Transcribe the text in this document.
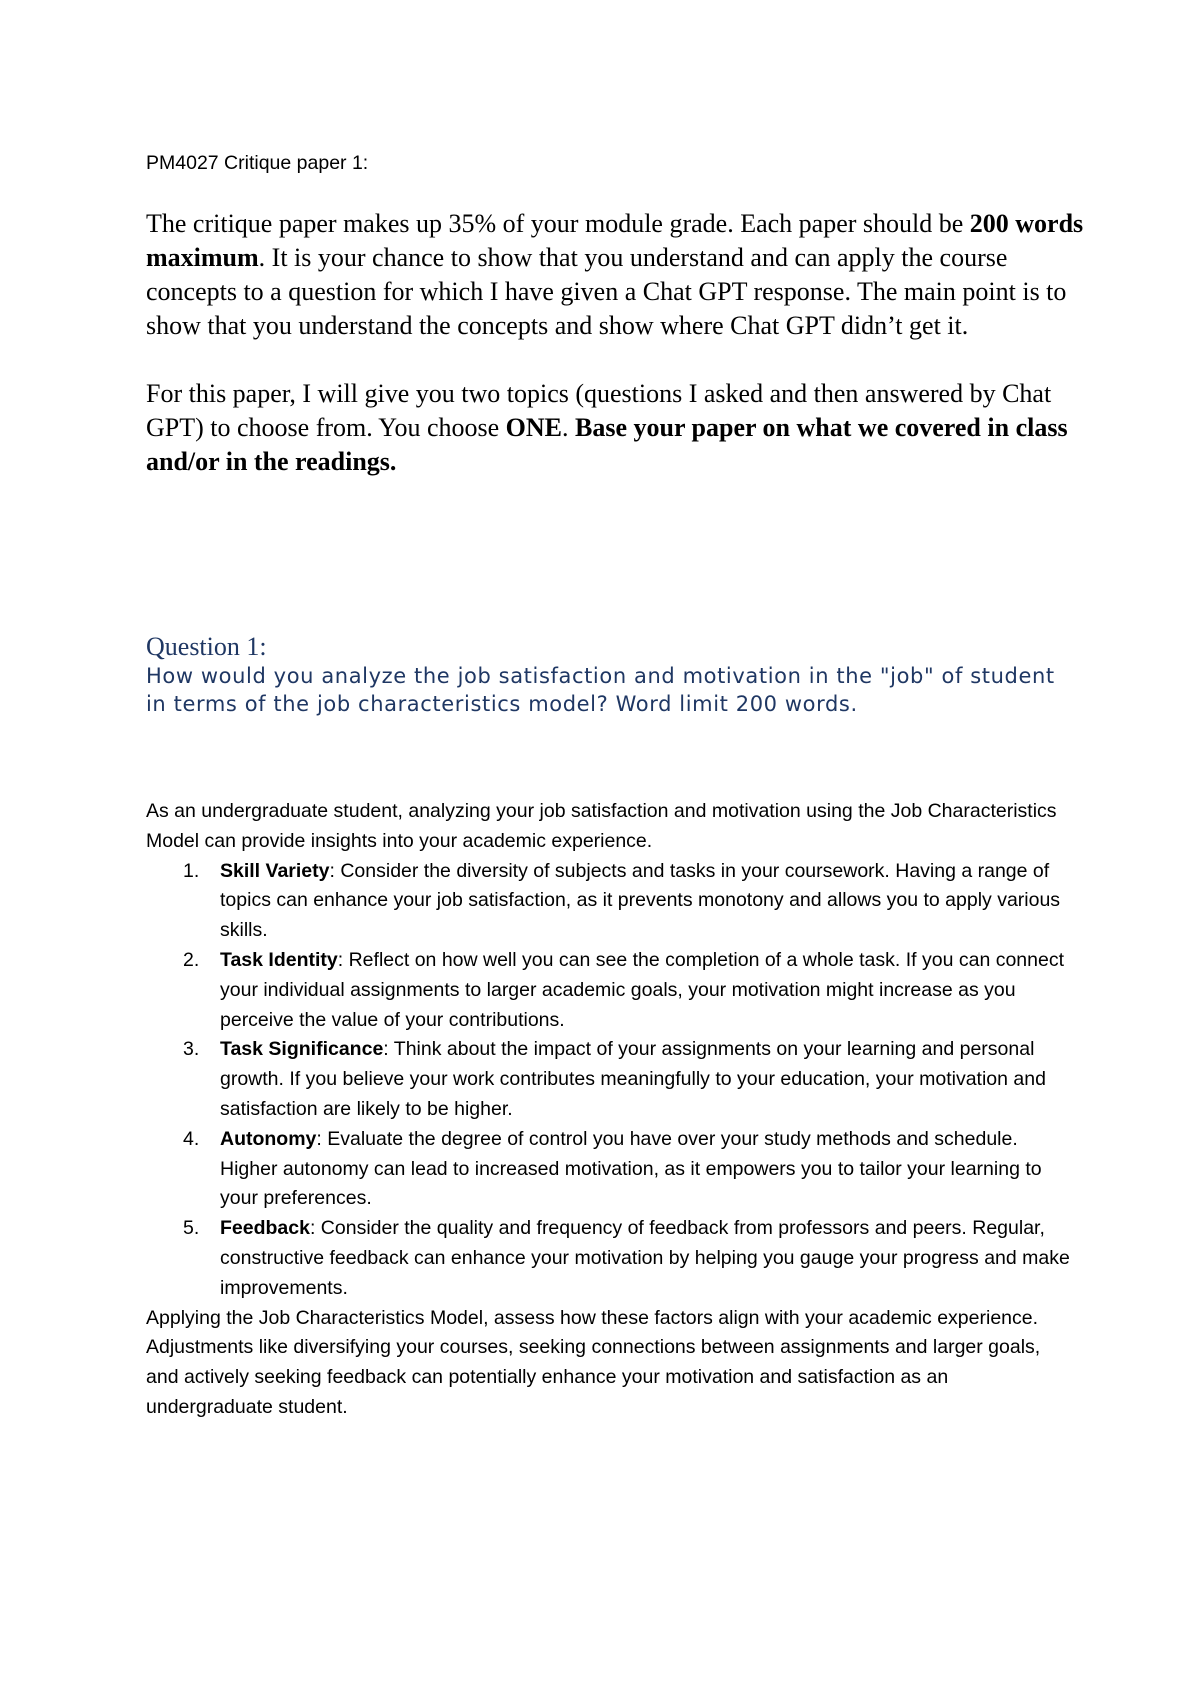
PM4027 Critique paper 1:

The critique paper makes up 35% of your module grade. Each paper should be 200 words maximum. It is your chance to show that you understand and can apply the course concepts to a question for which I have given a Chat GPT response. The main point is to show that you understand the concepts and show where Chat GPT didn’t get it.

For this paper, I will give you two topics (questions I asked and then answered by Chat GPT) to choose from. You choose ONE. Base your paper on what we covered in class and/or in the readings.

Question 1:
How would you analyze the job satisfaction and motivation in the "job" of student in terms of the job characteristics model? Word limit 200 words.

As an undergraduate student, analyzing your job satisfaction and motivation using the Job Characteristics Model can provide insights into your academic experience.

1. Skill Variety: Consider the diversity of subjects and tasks in your coursework. Having a range of topics can enhance your job satisfaction, as it prevents monotony and allows you to apply various skills.
2. Task Identity: Reflect on how well you can see the completion of a whole task. If you can connect your individual assignments to larger academic goals, your motivation might increase as you perceive the value of your contributions.
3. Task Significance: Think about the impact of your assignments on your learning and personal growth. If you believe your work contributes meaningfully to your education, your motivation and satisfaction are likely to be higher.
4. Autonomy: Evaluate the degree of control you have over your study methods and schedule. Higher autonomy can lead to increased motivation, as it empowers you to tailor your learning to your preferences.
5. Feedback: Consider the quality and frequency of feedback from professors and peers. Regular, constructive feedback can enhance your motivation by helping you gauge your progress and make improvements.

Applying the Job Characteristics Model, assess how these factors align with your academic experience. Adjustments like diversifying your courses, seeking connections between assignments and larger goals, and actively seeking feedback can potentially enhance your motivation and satisfaction as an undergraduate student.
